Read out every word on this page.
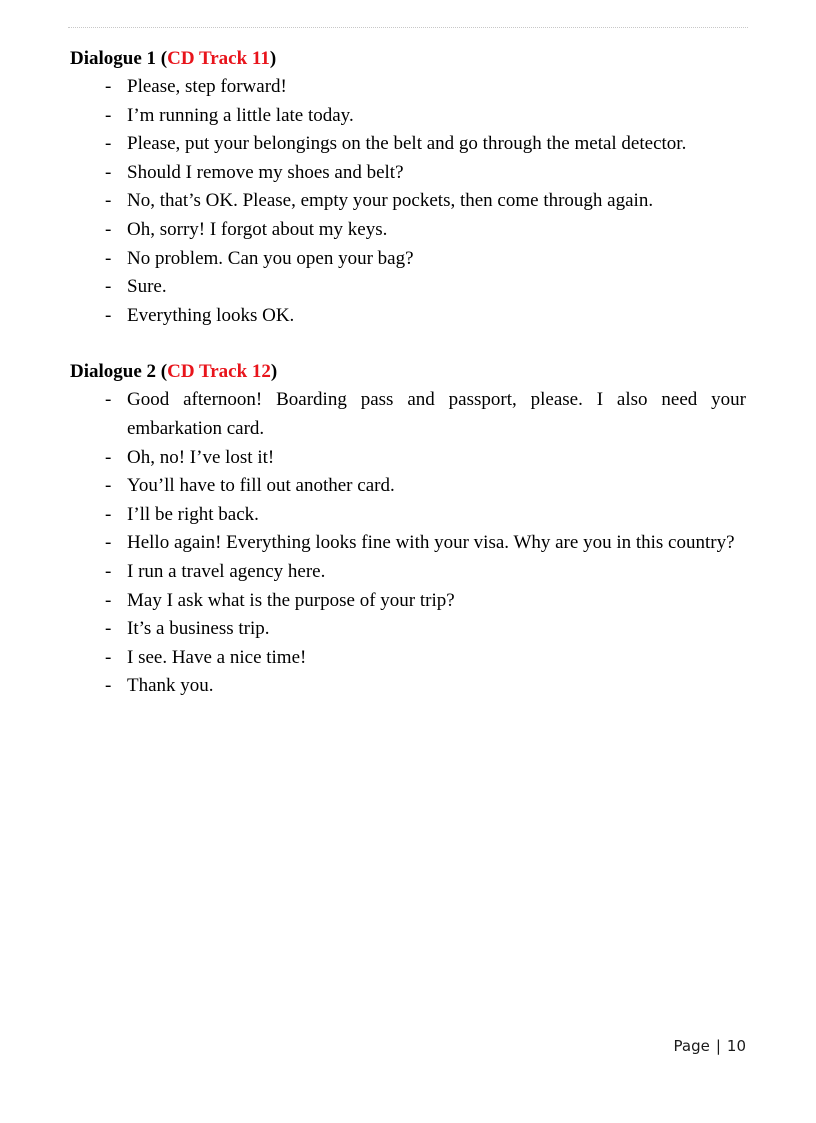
Dialogue 1 (CD Track 11)

- Please, step forward!
- I’m running a little late today.
- Please, put your belongings on the belt and go through the metal detector.
- Should I remove my shoes and belt?
- No, that’s OK. Please, empty your pockets, then come through again.
- Oh, sorry! I forgot about my keys.
- No problem. Can you open your bag?
- Sure.
- Everything looks OK.

Dialogue 2 (CD Track 12)

- Good afternoon! Boarding pass and passport, please. I also need your embarkation card.
- Oh, no! I’ve lost it!
- You’ll have to fill out another card.
- I’ll be right back.
- Hello again! Everything looks fine with your visa. Why are you in this country?
- I run a travel agency here.
- May I ask what is the purpose of your trip?
- It’s a business trip.
- I see. Have a nice time!
- Thank you.
Page | 10
